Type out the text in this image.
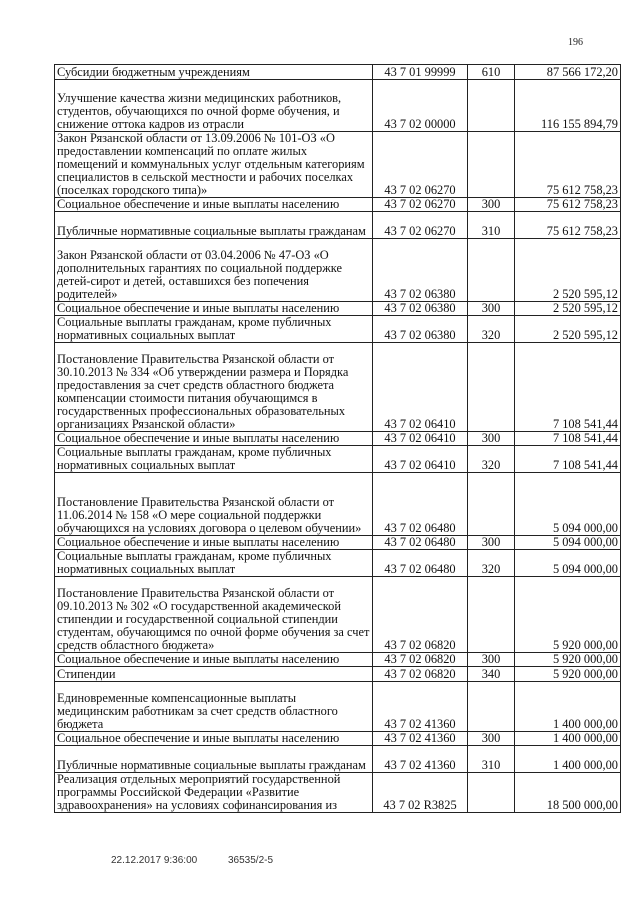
196
Субсидии бюджетным учреждениям	43 7 01 99999	610	87 566 172,20
Улучшение качества жизни медицинских работников, студентов, обучающихся по очной форме обучения, и снижение оттока кадров из отрасли	43 7 02 00000		116 155 894,79
Закон Рязанской области от 13.09.2006 № 101-ОЗ «О предоставлении компенсаций по оплате жилых помещений и коммунальных услуг отдельным категориям специалистов в сельской местности и рабочих поселках (поселках городского типа)»	43 7 02 06270		75 612 758,23
Социальное обеспечение и иные выплаты населению	43 7 02 06270	300	75 612 758,23
Публичные нормативные социальные выплаты гражданам	43 7 02 06270	310	75 612 758,23
Закон Рязанской области от 03.04.2006 № 47-ОЗ «О дополнительных гарантиях по социальной поддержке детей-сирот и детей, оставшихся без попечения родителей»	43 7 02 06380		2 520 595,12
Социальное обеспечение и иные выплаты населению	43 7 02 06380	300	2 520 595,12
Социальные выплаты гражданам, кроме публичных нормативных социальных выплат	43 7 02 06380	320	2 520 595,12
Постановление Правительства Рязанской области от 30.10.2013 № 334 «Об утверждении размера и Порядка предоставления за счет средств областного бюджета компенсации стоимости питания обучающимся в государственных профессиональных образовательных организациях Рязанской области»	43 7 02 06410		7 108 541,44
Социальное обеспечение и иные выплаты населению	43 7 02 06410	300	7 108 541,44
Социальные выплаты гражданам, кроме публичных нормативных социальных выплат	43 7 02 06410	320	7 108 541,44
Постановление Правительства Рязанской области от 11.06.2014 № 158 «О мере социальной поддержки обучающихся на условиях договора о целевом обучении»	43 7 02 06480		5 094 000,00
Социальное обеспечение и иные выплаты населению	43 7 02 06480	300	5 094 000,00
Социальные выплаты гражданам, кроме публичных нормативных социальных выплат	43 7 02 06480	320	5 094 000,00
Постановление Правительства Рязанской области от 09.10.2013 № 302 «О государственной академической стипендии и государственной социальной стипендии студентам, обучающимся по очной форме обучения за счет средств областного бюджета»	43 7 02 06820		5 920 000,00
Социальное обеспечение и иные выплаты населению	43 7 02 06820	300	5 920 000,00
Стипендии	43 7 02 06820	340	5 920 000,00
Единовременные компенсационные выплаты медицинским работникам за счет средств областного бюджета	43 7 02 41360		1 400 000,00
Социальное обеспечение и иные выплаты населению	43 7 02 41360	300	1 400 000,00
Публичные нормативные социальные выплаты гражданам	43 7 02 41360	310	1 400 000,00
Реализация отдельных мероприятий государственной программы Российской Федерации «Развитие здравоохранения» на условиях софинансирования из	43 7 02 R3825		18 500 000,00
22.12.2017 9:36:00	36535/2-5
